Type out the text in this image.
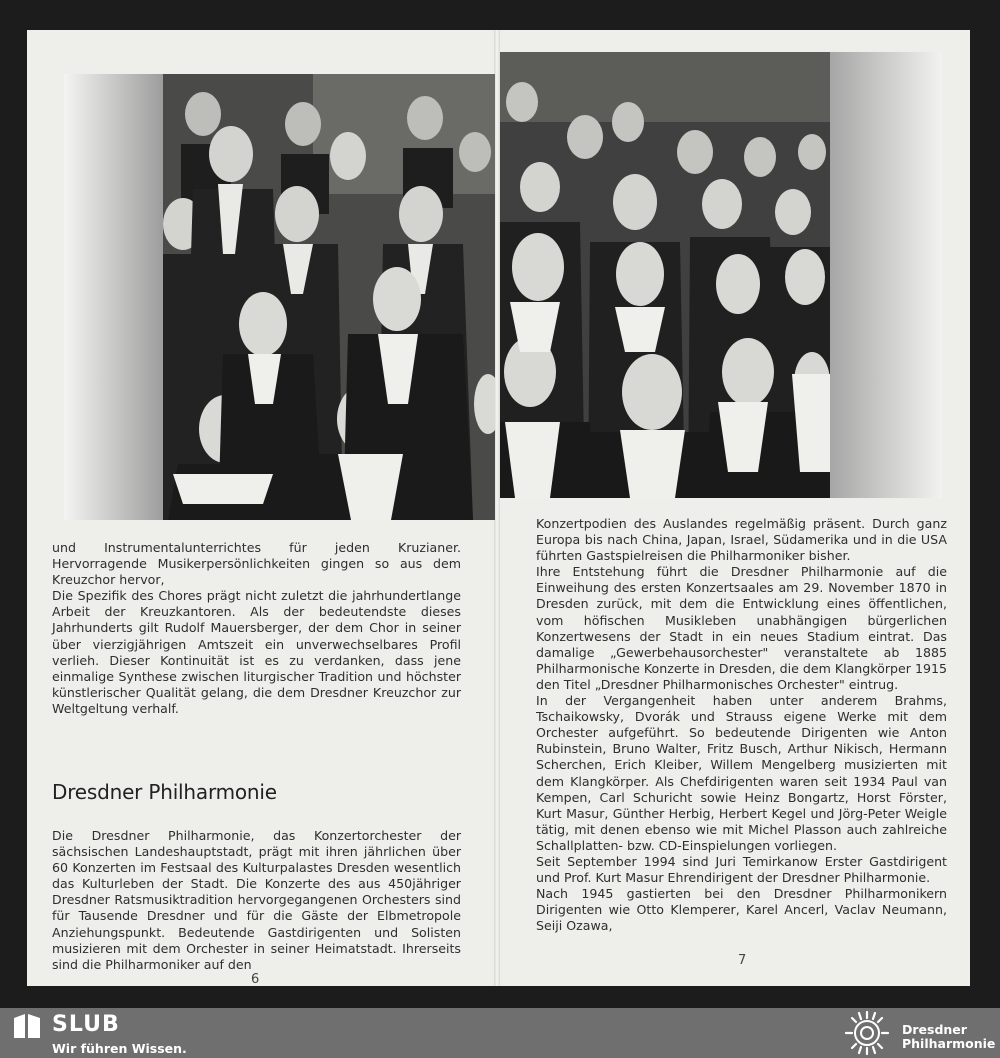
und Instrumentalunterrichtes für jeden Kruzianer. Hervorragende Musikerpersönlichkeiten gingen so aus dem Kreuzchor hervor,
Die Spezifik des Chores prägt nicht zuletzt die jahrhundertlange Arbeit der Kreuzkantoren. Als der bedeutendste dieses Jahrhunderts gilt Rudolf Mauersberger, der dem Chor in seiner über vierzigjährigen Amtszeit ein unverwechselbares Profil verlieh. Dieser Kontinuität ist es zu verdanken, dass jene einmalige Synthese zwischen liturgischer Tradition und höchster künstlerischer Qualität gelang, die dem Dresdner Kreuzchor zur Weltgeltung verhalf.

Dresdner Philharmonie

Die Dresdner Philharmonie, das Konzertorchester der sächsischen Landeshauptstadt, prägt mit ihren jährlichen über 60 Konzerten im Festsaal des Kulturpalastes Dresden wesentlich das Kulturleben der Stadt. Die Konzerte des aus 450jähriger Dresdner Ratsmusiktradition hervorgegangenen Orchesters sind für Tausende Dresdner und für die Gäste der Elbmetropole Anziehungspunkt. Bedeutende Gastdirigenten und Solisten musizieren mit dem Orchester in seiner Heimatstadt. Ihrerseits sind die Philharmoniker auf den

6

Konzertpodien des Auslandes regelmäßig präsent. Durch ganz Europa bis nach China, Japan, Israel, Südamerika und in die USA führten Gastspielreisen die Philharmoniker bisher.

Ihre Entstehung führt die Dresdner Philharmonie auf die Einweihung des ersten Konzertsaales am 29. November 1870 in Dresden zurück, mit dem die Entwicklung eines öffentlichen, vom höfischen Musikleben unabhängigen bürgerlichen Konzertwesens der Stadt in ein neues Stadium eintrat. Das damalige „Gewerbehausorchester" veranstaltete ab 1885 Philharmonische Konzerte in Dresden, die dem Klangkörper 1915 den Titel „Dresdner Philharmonisches Orchester" eintrug.

In der Vergangenheit haben unter anderem Brahms, Tschaikowsky, Dvorák und Strauss eigene Werke mit dem Orchester aufgeführt. So bedeutende Dirigenten wie Anton Rubinstein, Bruno Walter, Fritz Busch, Arthur Nikisch, Hermann Scherchen, Erich Kleiber, Willem Mengelberg musizierten mit dem Klangkörper. Als Chefdirigenten waren seit 1934 Paul van Kempen, Carl Schuricht sowie Heinz Bongartz, Horst Förster, Kurt Masur, Günther Herbig, Herbert Kegel und Jörg-Peter Weigle tätig, mit denen ebenso wie mit Michel Plasson auch zahlreiche Schallplatten- bzw. CD-Einspielungen vorliegen.

Seit September 1994 sind Juri Temirkanow Erster Gastdirigent und Prof. Kurt Masur Ehrendirigent der Dresdner Philharmonie.

Nach 1945 gastierten bei den Dresdner Philharmonikern Dirigenten wie Otto Klemperer, Karel Ancerl, Vaclav Neumann, Seiji Ozawa,

7
SLUB
Wir führen Wissen.
Dresdner
Philharmonie
